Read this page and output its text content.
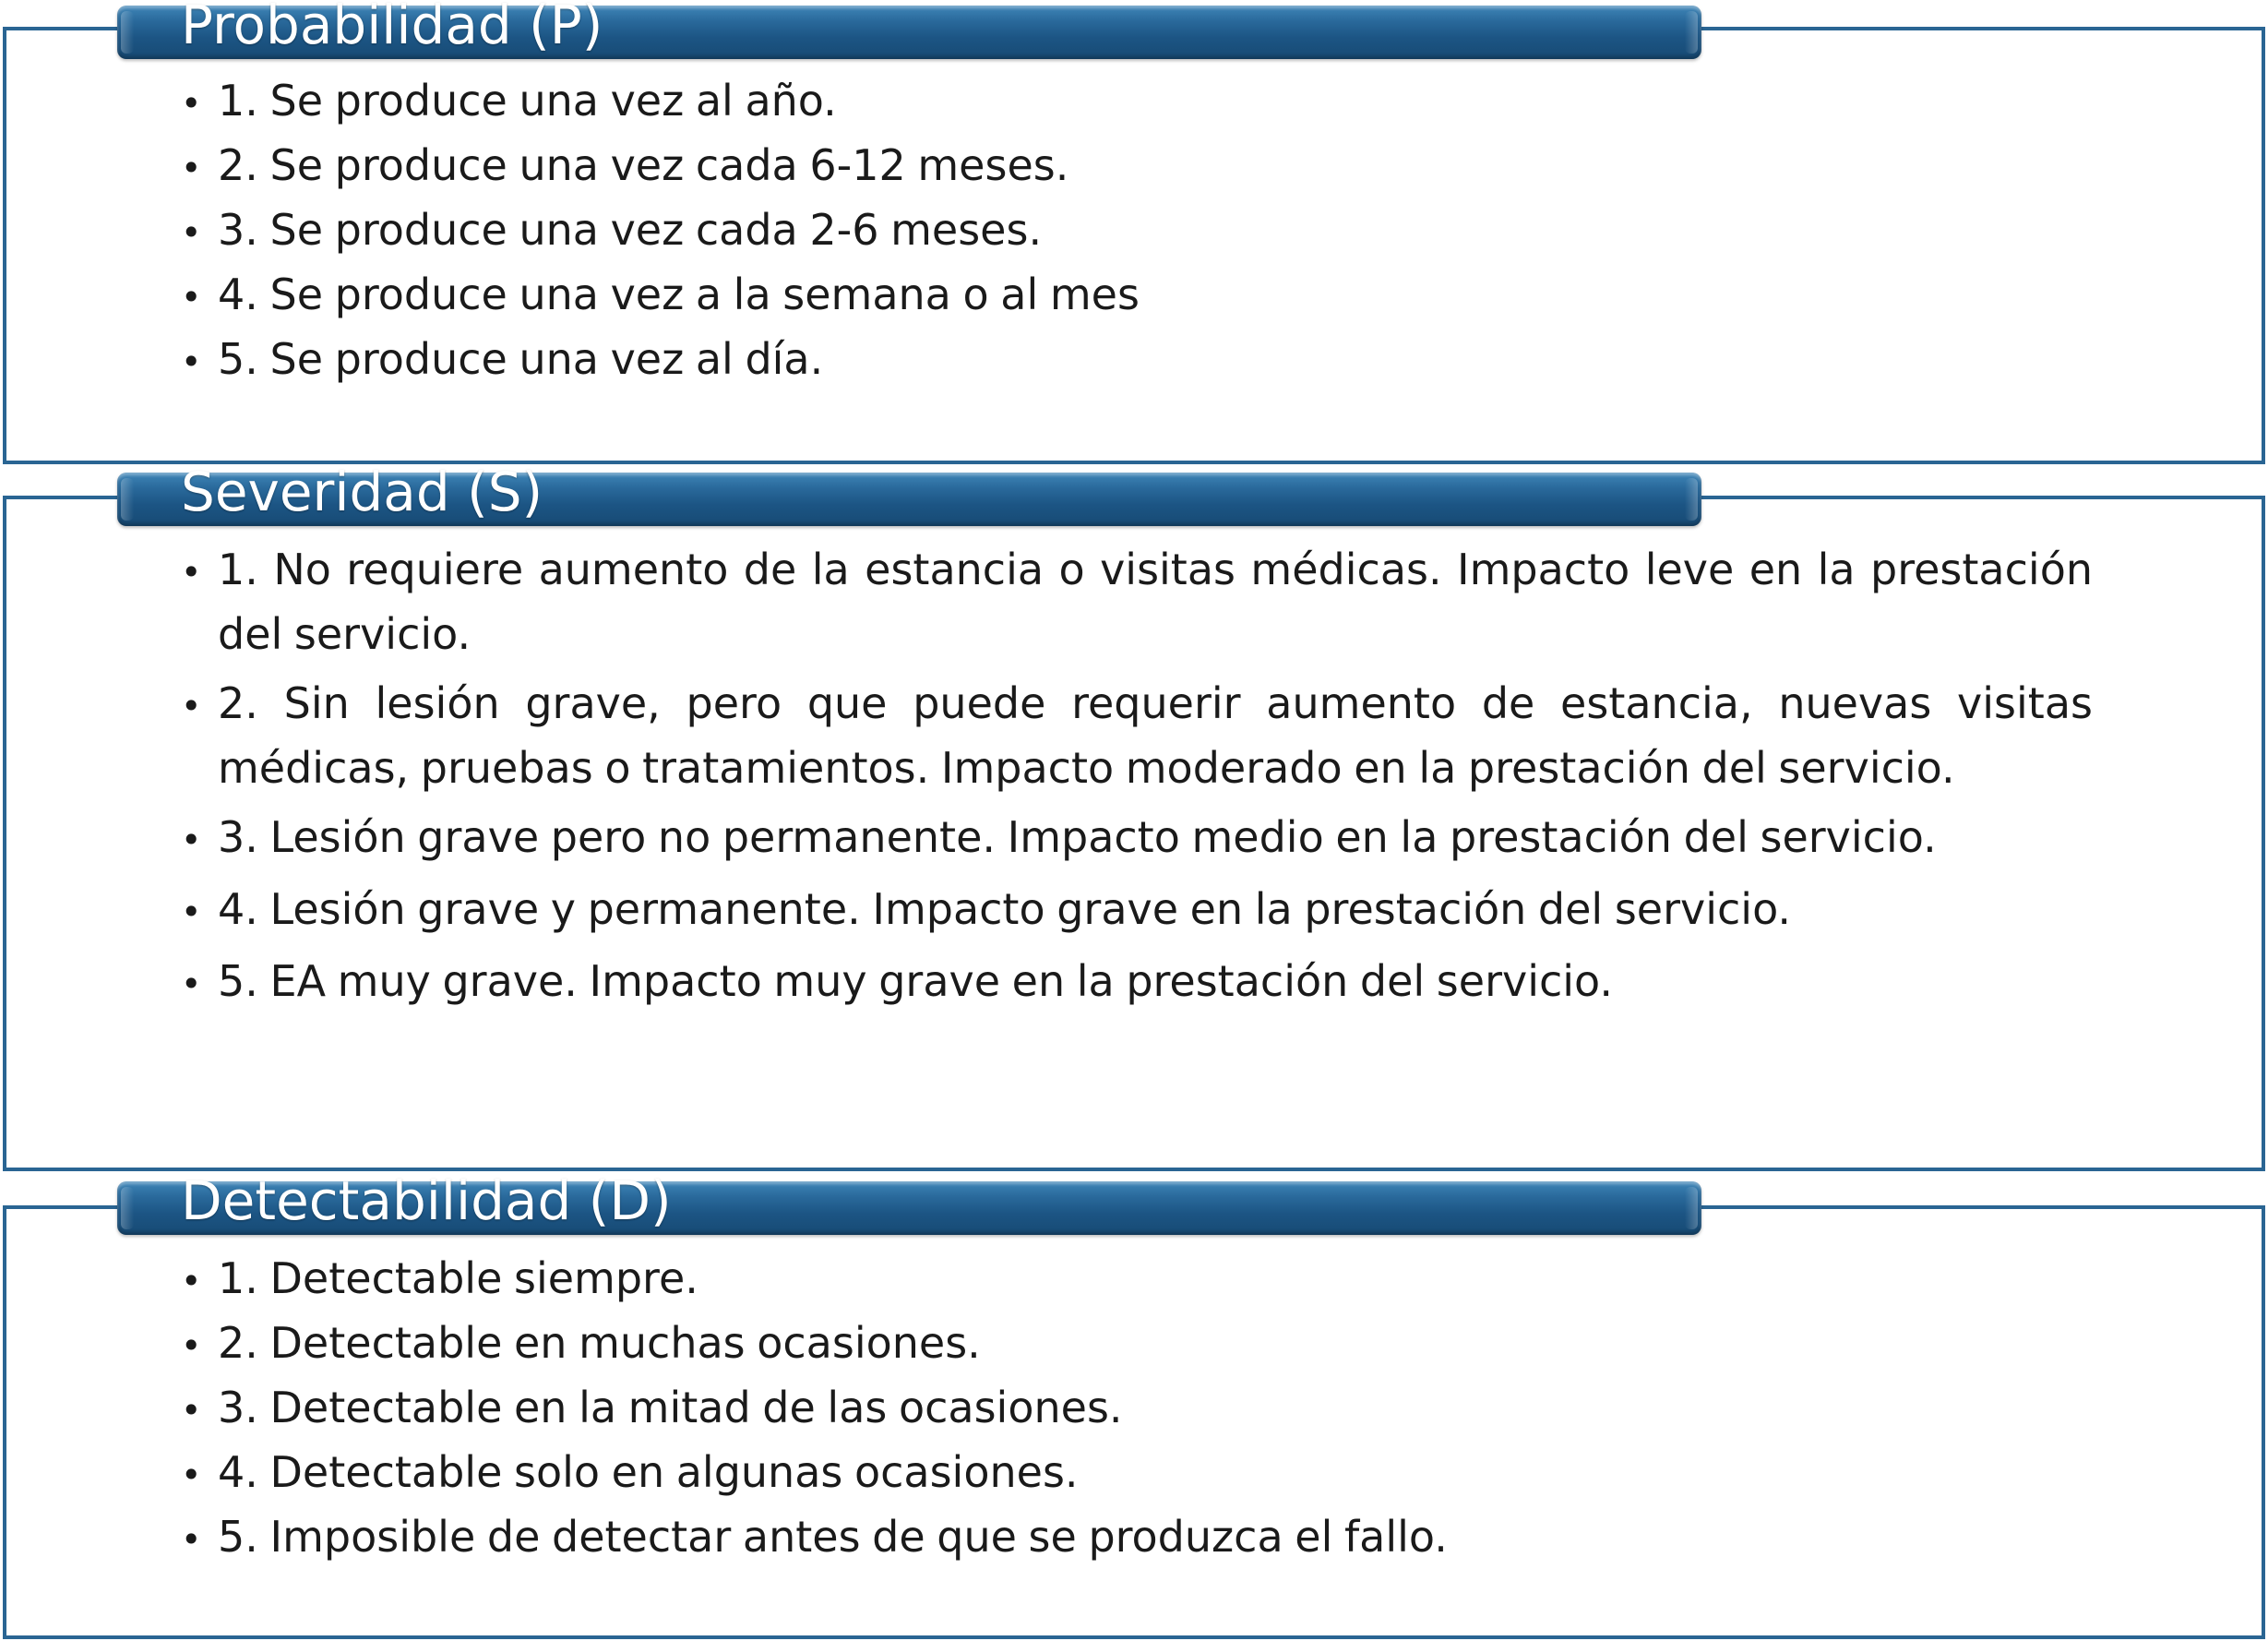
Probabilidad (P)
• 1. Se produce una vez al año.
• 2. Se produce una vez cada 6-12 meses.
• 3. Se produce una vez cada 2-6 meses.
• 4. Se produce una vez a la semana o al mes
• 5. Se produce una vez al día.
Severidad (S)
• 1. No requiere aumento de la estancia o visitas médicas. Impacto leve en la prestación del servicio.
• 2. Sin lesión grave, pero que puede requerir aumento de estancia, nuevas visitas médicas, pruebas o tratamientos. Impacto moderado en la prestación del servicio.
• 3. Lesión grave pero no permanente. Impacto medio en la prestación del servicio.
• 4. Lesión grave y permanente. Impacto grave en la prestación del servicio.
• 5. EA muy grave. Impacto muy grave en la prestación del servicio.
Detectabilidad (D)
• 1. Detectable siempre.
• 2. Detectable en muchas ocasiones.
• 3. Detectable en la mitad de las ocasiones.
• 4. Detectable solo en algunas ocasiones.
• 5. Imposible de detectar antes de que se produzca el fallo.
